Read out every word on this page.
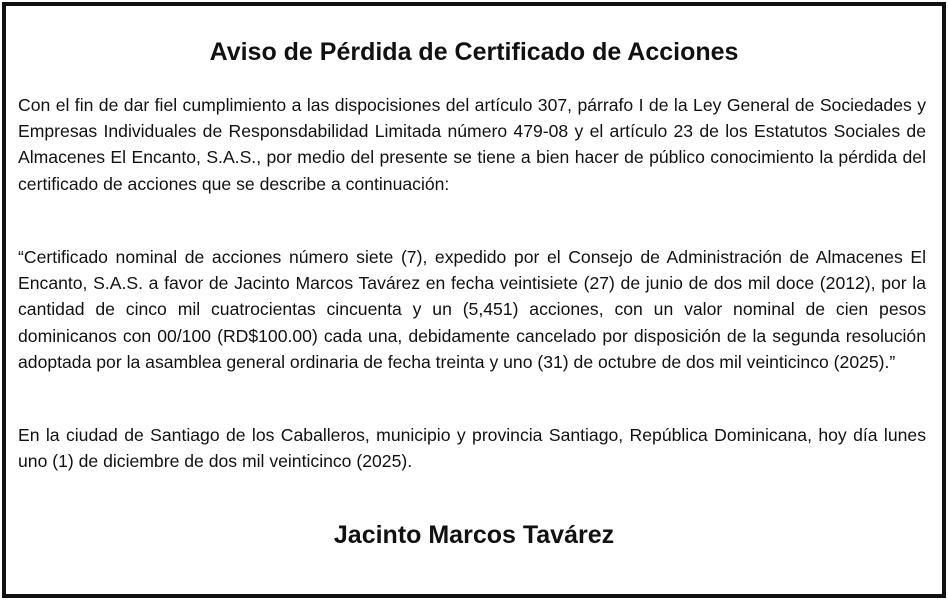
Aviso de Pérdida de Certificado de Acciones

Con el fin de dar fiel cumplimiento a las dispocisiones del artículo 307, párrafo I de la Ley General de Sociedades y Empresas Individuales de Responsdabilidad Limitada número 479-08 y el artículo 23 de los Estatutos Sociales de Almacenes El Encanto, S.A.S., por medio del presente se tiene a bien hacer de público conocimiento la pérdida del certificado de acciones que se describe a continuación:

“Certificado nominal de acciones número siete (7), expedido por el Consejo de Administración de Almacenes El Encanto, S.A.S. a favor de Jacinto Marcos Tavárez en fecha veintisiete (27) de junio de dos mil doce (2012), por la cantidad de cinco mil cuatrocientas cincuenta y un (5,451) acciones, con un valor nominal de cien pesos dominicanos con 00/100 (RD$100.00) cada una, debidamente cancelado por disposición de la segunda resolución adoptada por la asamblea general ordinaria de fecha treinta y uno (31) de octubre de dos mil veinticinco (2025).”

En la ciudad de Santiago de los Caballeros, municipio y provincia Santiago, República Dominicana, hoy día lunes uno (1) de diciembre de dos mil veinticinco (2025).

Jacinto Marcos Tavárez
